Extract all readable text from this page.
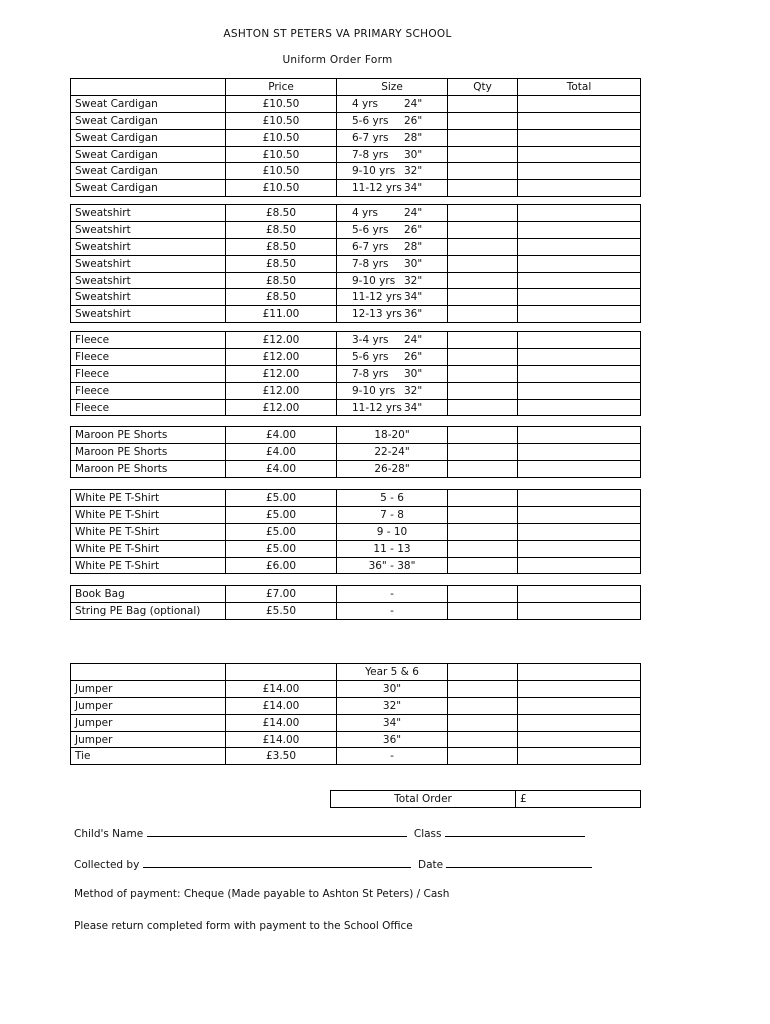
ASHTON ST PETERS VA PRIMARY SCHOOL
Uniform Order Form
	Price	Size	Qty	Total
Sweat Cardigan	£10.50	4 yrs 24"		
Sweat Cardigan	£10.50	5-6 yrs 26"		
Sweat Cardigan	£10.50	6-7 yrs 28"		
Sweat Cardigan	£10.50	7-8 yrs 30"		
Sweat Cardigan	£10.50	9-10 yrs 32"		
Sweat Cardigan	£10.50	11-12 yrs 34"		
Sweatshirt	£8.50	4 yrs 24"		
Sweatshirt	£8.50	5-6 yrs 26"		
Sweatshirt	£8.50	6-7 yrs 28"		
Sweatshirt	£8.50	7-8 yrs 30"		
Sweatshirt	£8.50	9-10 yrs 32"		
Sweatshirt	£8.50	11-12 yrs 34"		
Sweatshirt	£11.00	12-13 yrs 36"		
Fleece	£12.00	3-4 yrs 24"		
Fleece	£12.00	5-6 yrs 26"		
Fleece	£12.00	7-8 yrs 30"		
Fleece	£12.00	9-10 yrs 32"		
Fleece	£12.00	11-12 yrs 34"		
Maroon PE Shorts	£4.00	18-20"		
Maroon PE Shorts	£4.00	22-24"		
Maroon PE Shorts	£4.00	26-28"		
White PE T-Shirt	£5.00	5 - 6		
White PE T-Shirt	£5.00	7 - 8		
White PE T-Shirt	£5.00	9 - 10		
White PE T-Shirt	£5.00	11 - 13		
White PE T-Shirt	£6.00	36" - 38"		
Book Bag	£7.00	-		
String PE Bag (optional)	£5.50	-		
		Year 5 & 6		
Jumper	£14.00	30"		
Jumper	£14.00	32"		
Jumper	£14.00	34"		
Jumper	£14.00	36"		
Tie	£3.50	-		
Total Order	£
Child's Name	Class
Collected by	Date
Method of payment: Cheque (Made payable to Ashton St Peters) / Cash
Please return completed form with payment to the School Office
